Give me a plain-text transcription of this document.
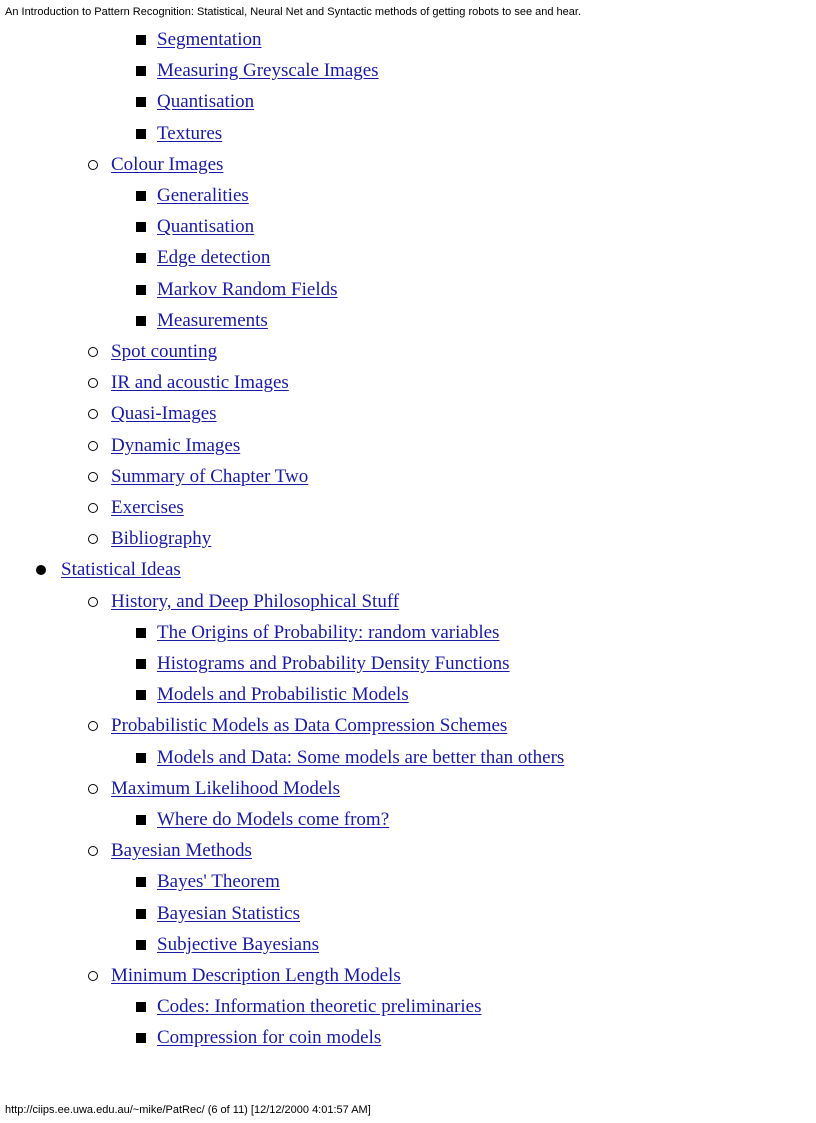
An Introduction to Pattern Recognition: Statistical, Neural Net and Syntactic methods of getting robots to see and hear.
Segmentation
Measuring Greyscale Images
Quantisation
Textures
Colour Images
Generalities
Quantisation
Edge detection
Markov Random Fields
Measurements
Spot counting
IR and acoustic Images
Quasi-Images
Dynamic Images
Summary of Chapter Two
Exercises
Bibliography
Statistical Ideas
History, and Deep Philosophical Stuff
The Origins of Probability: random variables
Histograms and Probability Density Functions
Models and Probabilistic Models
Probabilistic Models as Data Compression Schemes
Models and Data: Some models are better than others
Maximum Likelihood Models
Where do Models come from?
Bayesian Methods
Bayes' Theorem
Bayesian Statistics
Subjective Bayesians
Minimum Description Length Models
Codes: Information theoretic preliminaries
Compression for coin models
http://ciips.ee.uwa.edu.au/~mike/PatRec/ (6 of 11) [12/12/2000 4:01:57 AM]
